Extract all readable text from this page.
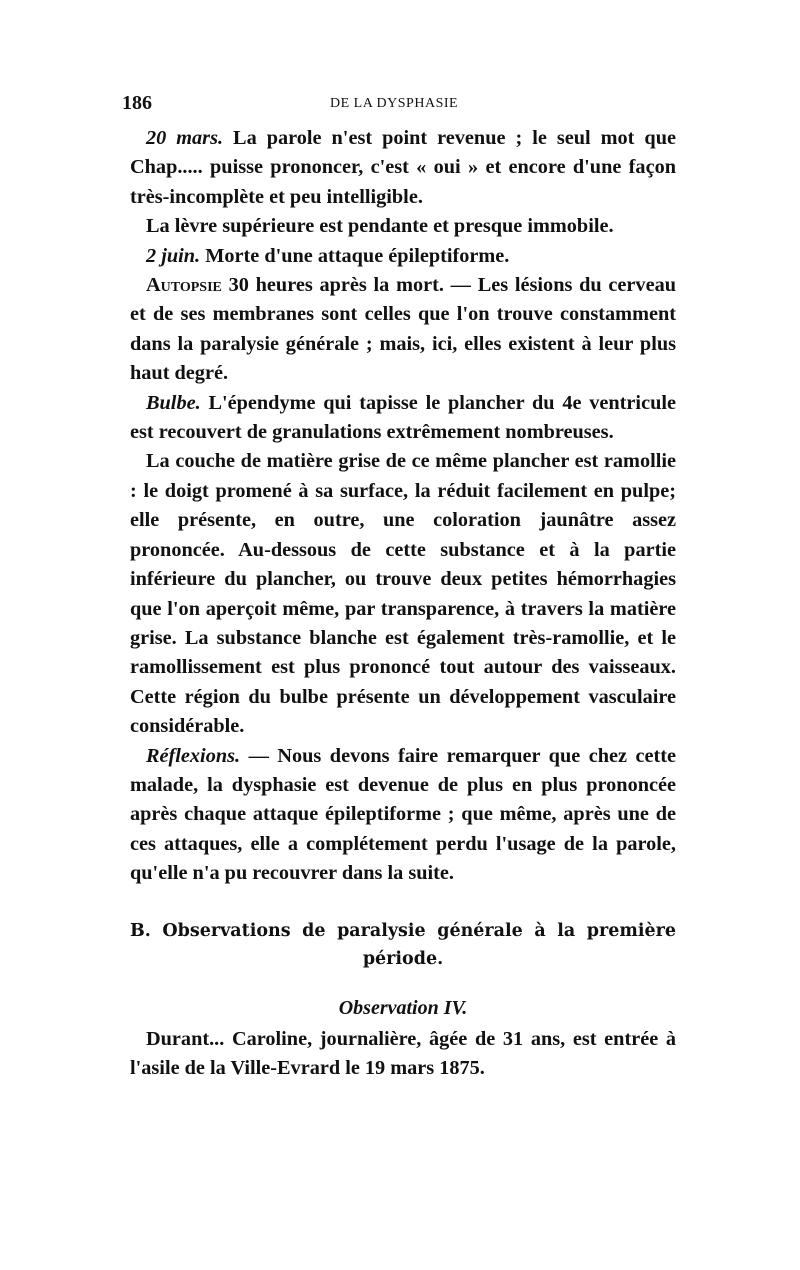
186	DE LA DYSPHASIE

20 mars. La parole n'est point revenue ; le seul mot que Chap..... puisse prononcer, c'est « oui » et encore d'une façon très-incomplète et peu intelligible.

La lèvre supérieure est pendante et presque immobile.

2 juin. Morte d'une attaque épileptiforme.

Autopsie 30 heures après la mort. — Les lésions du cerveau et de ses membranes sont celles que l'on trouve constamment dans la paralysie générale ; mais, ici, elles existent à leur plus haut degré.

Bulbe. L'épendyme qui tapisse le plancher du 4e ventricule est recouvert de granulations extrêmement nombreuses.

La couche de matière grise de ce même plancher est ramollie : le doigt promené à sa surface, la réduit facilement en pulpe; elle présente, en outre, une coloration jaunâtre assez prononcée. Au-dessous de cette substance et à la partie inférieure du plancher, ou trouve deux petites hémorrhagies que l'on aperçoit même, par transparence, à travers la matière grise. La substance blanche est également très-ramollie, et le ramollissement est plus prononcé tout autour des vaisseaux. Cette région du bulbe présente un développement vasculaire considérable.

Réflexions. — Nous devons faire remarquer que chez cette malade, la dysphasie est devenue de plus en plus prononcée après chaque attaque épileptiforme ; que même, après une de ces attaques, elle a complétement perdu l'usage de la parole, qu'elle n'a pu recouvrer dans la suite.

B. Observations de paralysie générale à la première
période.
Observation IV.

Durant... Caroline, journalière, âgée de 31 ans, est entrée à l'asile de la Ville-Evrard le 19 mars 1875.
